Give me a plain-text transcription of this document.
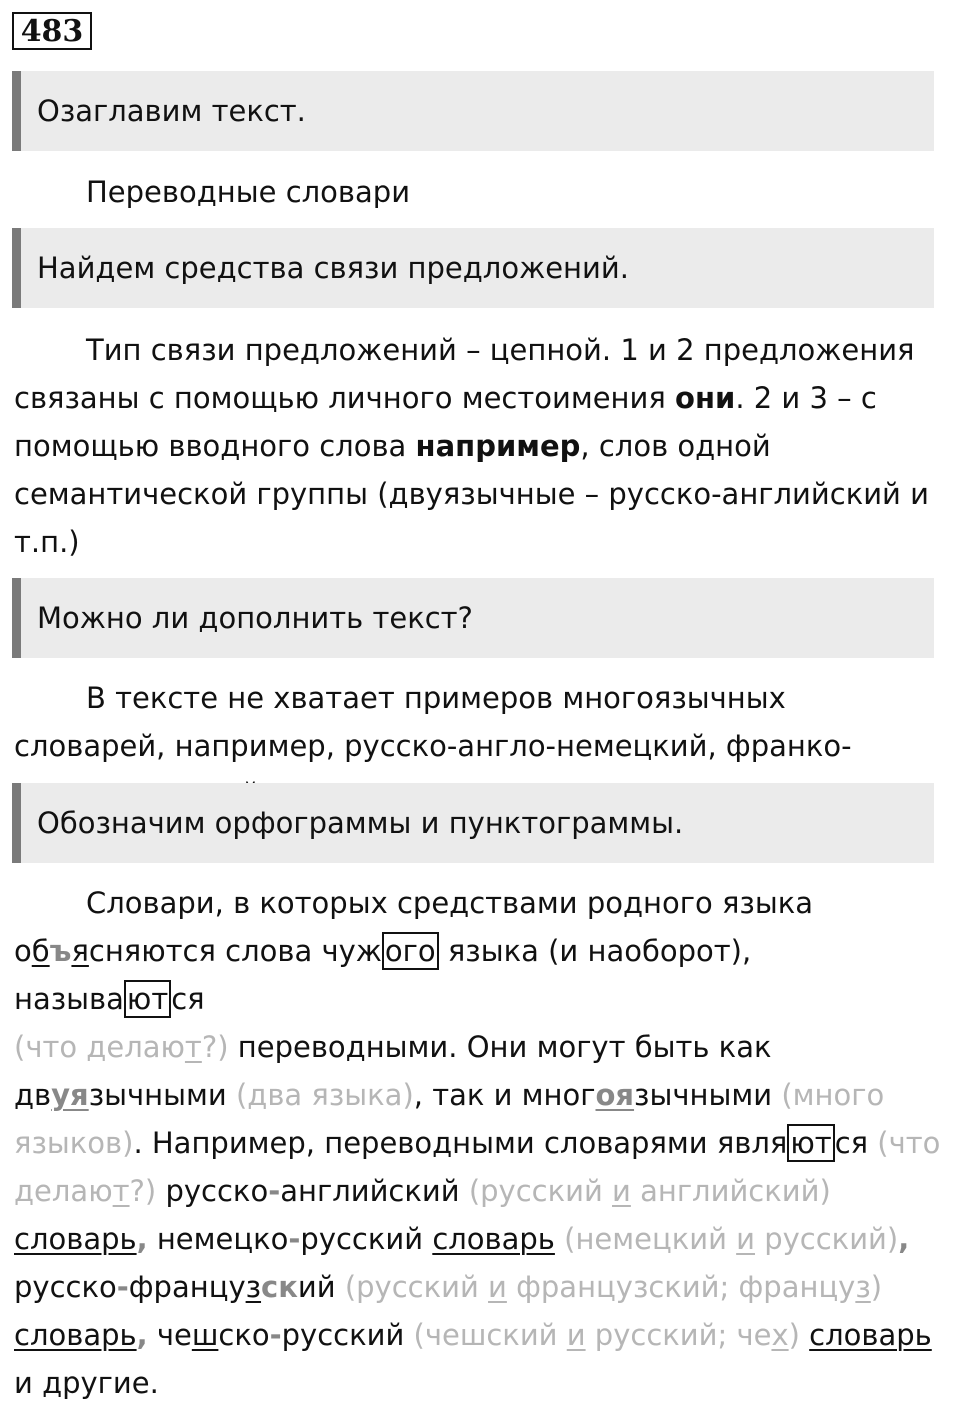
483
Озаглавим текст.

Переводные словари

Найдем средства связи предложений.

Тип связи предложений – цепной. 1 и 2 предложения связаны с помощью личного местоимения они. 2 и 3 – с помощью вводного слова например, слов одной семантической группы (двуязычные – русско-английский и т.п.)

Можно ли дополнить текст?

В тексте не хватает примеров многоязычных словарей, например, русско-англо-немецкий, франко-

Обозначим орфограммы и пунктограммы.

Словари, в которых средствами родного языка объясняются слова чуж ого языка (и наоборот), называ ют ся
(что делают?) переводными. Они могут быть как двуязычными (два языка), так и многоязычными (много языков). Например, переводными словарями явля ют ся (что делают?) русско-английский (русский и английский)
словарь, немецко-русский словарь (немецкий и русский),
русско-французский (русский и французский; француз)
словарь, чешско-русский (чешский и русский; чех) словарь и другие.
